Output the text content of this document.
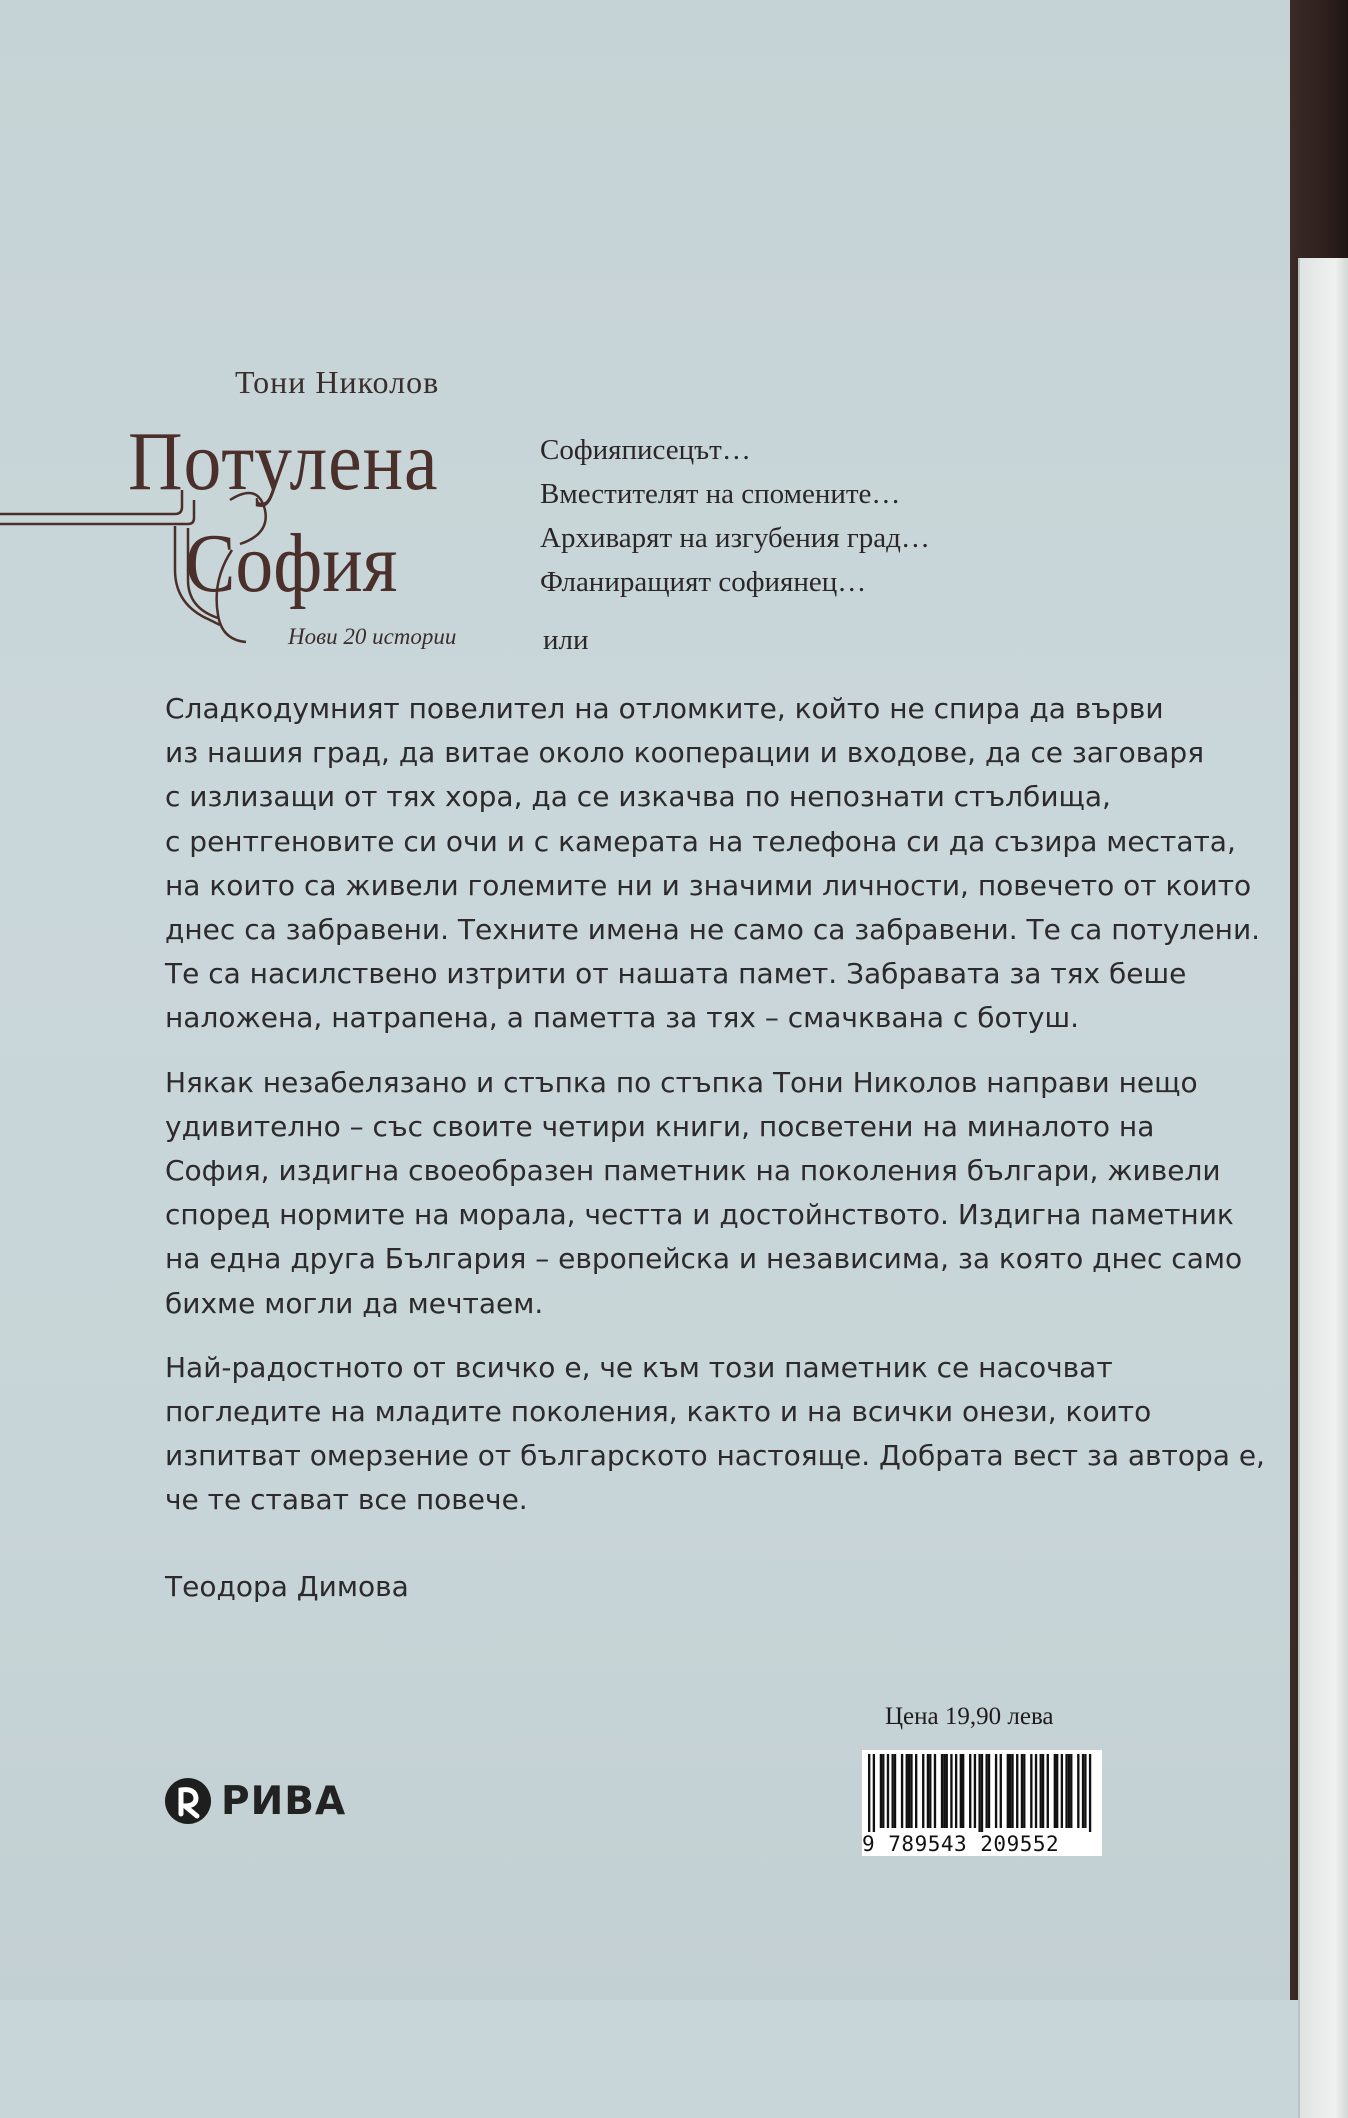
Тони Николов
Потулена
София
Нови 20 истории
Софияписецът…
Вместителят на спомените…
Архиварят на изгубения град…
Фланиращият софиянец…
или
Сладкодумният повелител на отломките, който не спира да върви
из нашия град, да витае около кооперации и входове, да се заговаря
с излизащи от тях хора, да се изкачва по непознати стълбища,
с рентгеновите си очи и с камерата на телефона си да съзира местата,
на които са живели големите ни и значими личности, повечето от които
днес са забравени. Техните имена не само са забравени. Те са потулени.
Те са насилствено изтрити от нашата памет. Забравата за тях беше
наложена, натрапена, а паметта за тях – смачквана с ботуш.
Някак незабелязано и стъпка по стъпка Тони Николов направи нещо
удивително – със своите четири книги, посветени на миналото на
София, издигна своеобразен паметник на поколения българи, живели
според нормите на морала, честта и достойнството. Издигна паметник
на една друга България – европейска и независима, за която днес само
бихме могли да мечтаем.
Най-радостното от всичко е, че към този паметник се насочват
погледите на младите поколения, както и на всички онези, които
изпитват омерзение от българското настояще. Добрата вест за автора е,
че те стават все повече.
Теодора Димова
Цена 19,90 лева
9 789543 209552
РИВА
